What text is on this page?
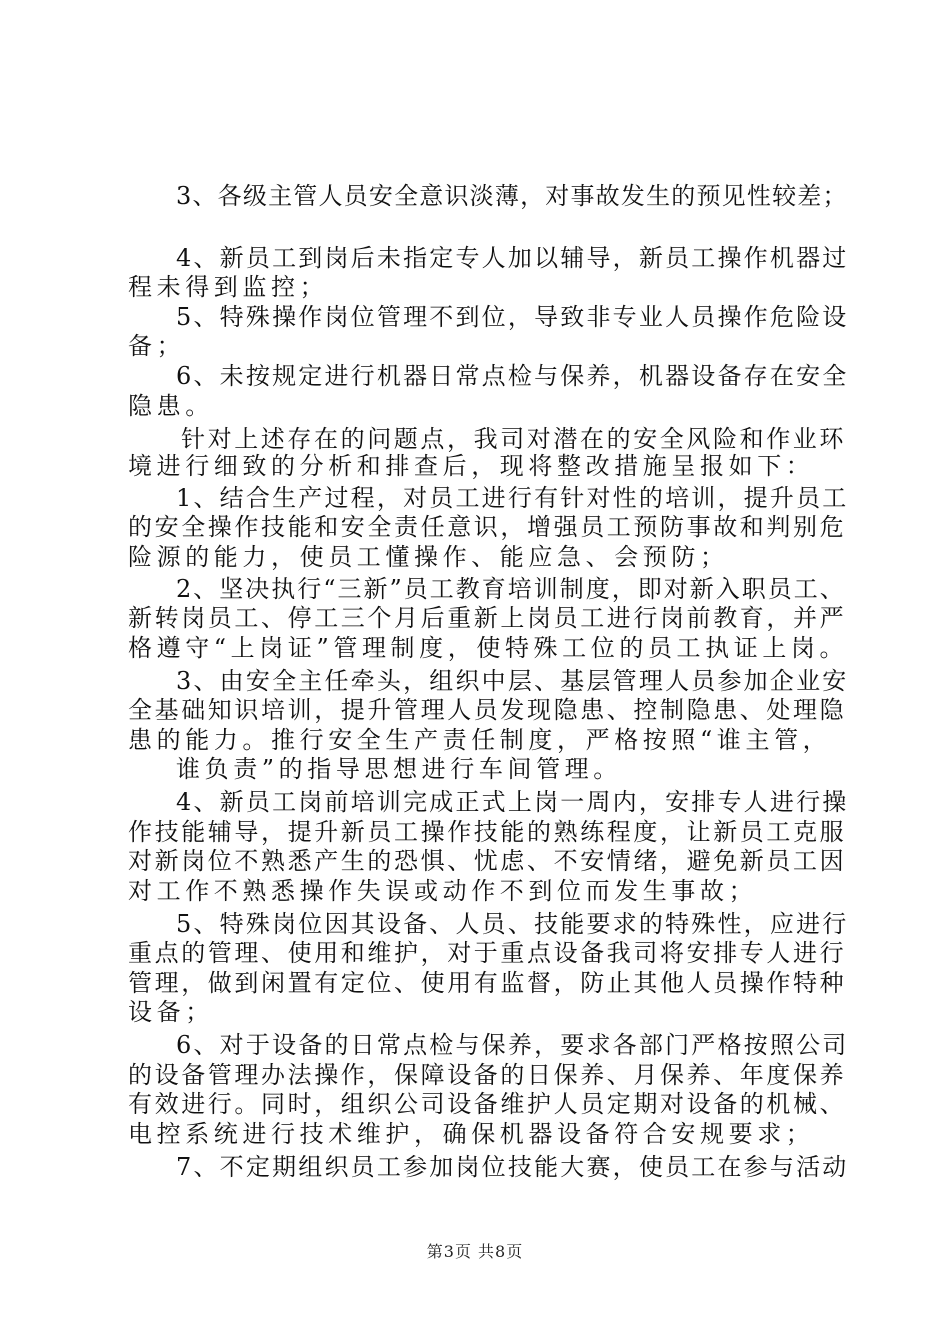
3、各级主管人员安全意识淡薄，对事故发生的预见性较差；
4、新员工到岗后未指定专人加以辅导，新员工操作机器过
程未得到监控；
5、特殊操作岗位管理不到位，导致非专业人员操作危险设
备；
6、未按规定进行机器日常点检与保养，机器设备存在安全
隐患。
针对上述存在的问题点，我司对潜在的安全风险和作业环
境进行细致的分析和排查后，现将整改措施呈报如下：
1、结合生产过程，对员工进行有针对性的培训，提升员工
的安全操作技能和安全责任意识，增强员工预防事故和判别危
险源的能力，使员工懂操作、能应急、会预防；
2、坚决执行“三新”员工教育培训制度，即对新入职员工、
新转岗员工、停工三个月后重新上岗员工进行岗前教育，并严
格遵守“上岗证”管理制度，使特殊工位的员工执证上岗。
3、由安全主任牵头，组织中层、基层管理人员参加企业安
全基础知识培训，提升管理人员发现隐患、控制隐患、处理隐
患的能力。推行安全生产责任制度，严格按照“谁主管，
谁负责”的指导思想进行车间管理。
4、新员工岗前培训完成正式上岗一周内，安排专人进行操
作技能辅导，提升新员工操作技能的熟练程度，让新员工克服
对新岗位不熟悉产生的恐惧、忧虑、不安情绪，避免新员工因
对工作不熟悉操作失误或动作不到位而发生事故；
5、特殊岗位因其设备、人员、技能要求的特殊性，应进行
重点的管理、使用和维护，对于重点设备我司将安排专人进行
管理，做到闲置有定位、使用有监督，防止其他人员操作特种
设备；
6、对于设备的日常点检与保养，要求各部门严格按照公司
的设备管理办法操作，保障设备的日保养、月保养、年度保养
有效进行。同时，组织公司设备维护人员定期对设备的机械、
电控系统进行技术维护，确保机器设备符合安规要求；
7、不定期组织员工参加岗位技能大赛，使员工在参与活动
第3页 共8页
